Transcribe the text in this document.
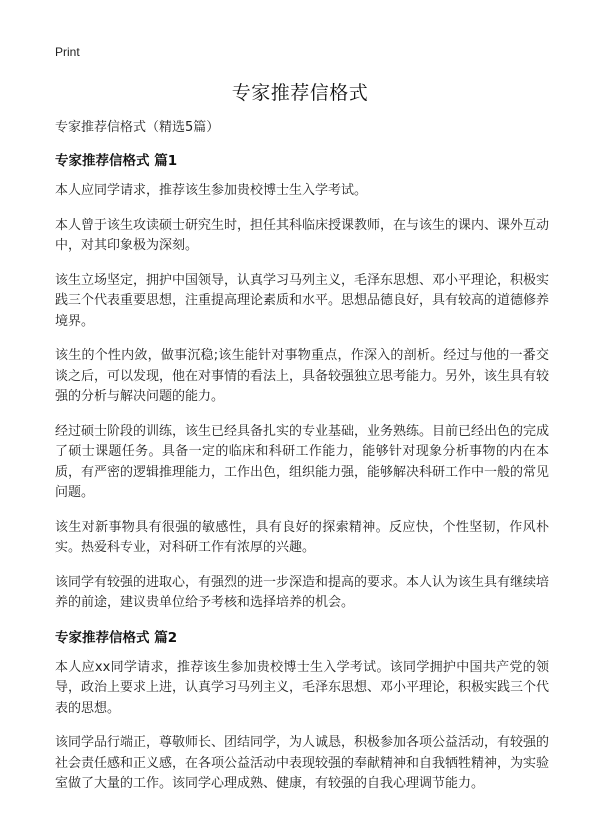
Print
专家推荐信格式

专家推荐信格式（精选5篇）

专家推荐信格式 篇1

本人应同学请求，推荐该生参加贵校博士生入学考试。

本人曾于该生攻读硕士研究生时，担任其科临床授课教师，在与该生的课内、课外互动中，对其印象极为深刻。

该生立场坚定，拥护中国领导，认真学习马列主义，毛泽东思想、邓小平理论，积极实践三个代表重要思想，注重提高理论素质和水平。思想品德良好，具有较高的道德修养境界。

该生的个性内敛，做事沉稳;该生能针对事物重点，作深入的剖析。经过与他的一番交谈之后，可以发现，他在对事情的看法上，具备较强独立思考能力。另外，该生具有较强的分析与解决问题的能力。

经过硕士阶段的训练，该生已经具备扎实的专业基础，业务熟练。目前已经出色的完成了硕士课题任务。具备一定的临床和科研工作能力，能够针对现象分析事物的内在本质，有严密的逻辑推理能力，工作出色，组织能力强，能够解决科研工作中一般的常见问题。

该生对新事物具有很强的敏感性，具有良好的探索精神。反应快，个性坚韧，作风朴实。热爱科专业，对科研工作有浓厚的兴趣。

该同学有较强的进取心，有强烈的进一步深造和提高的要求。本人认为该生具有继续培养的前途，建议贵单位给予考核和选择培养的机会。

专家推荐信格式 篇2

本人应xx同学请求，推荐该生参加贵校博士生入学考试。该同学拥护中国共产党的领导，政治上要求上进，认真学习马列主义，毛泽东思想、邓小平理论，积极实践三个代表的思想。

该同学品行端正，尊敬师长、团结同学，为人诚恳，积极参加各项公益活动，有较强的社会责任感和正义感，在各项公益活动中表现较强的奉献精神和自我牺牲精神，为实验室做了大量的工作。该同学心理成熟、健康，有较强的自我心理调节能力。
